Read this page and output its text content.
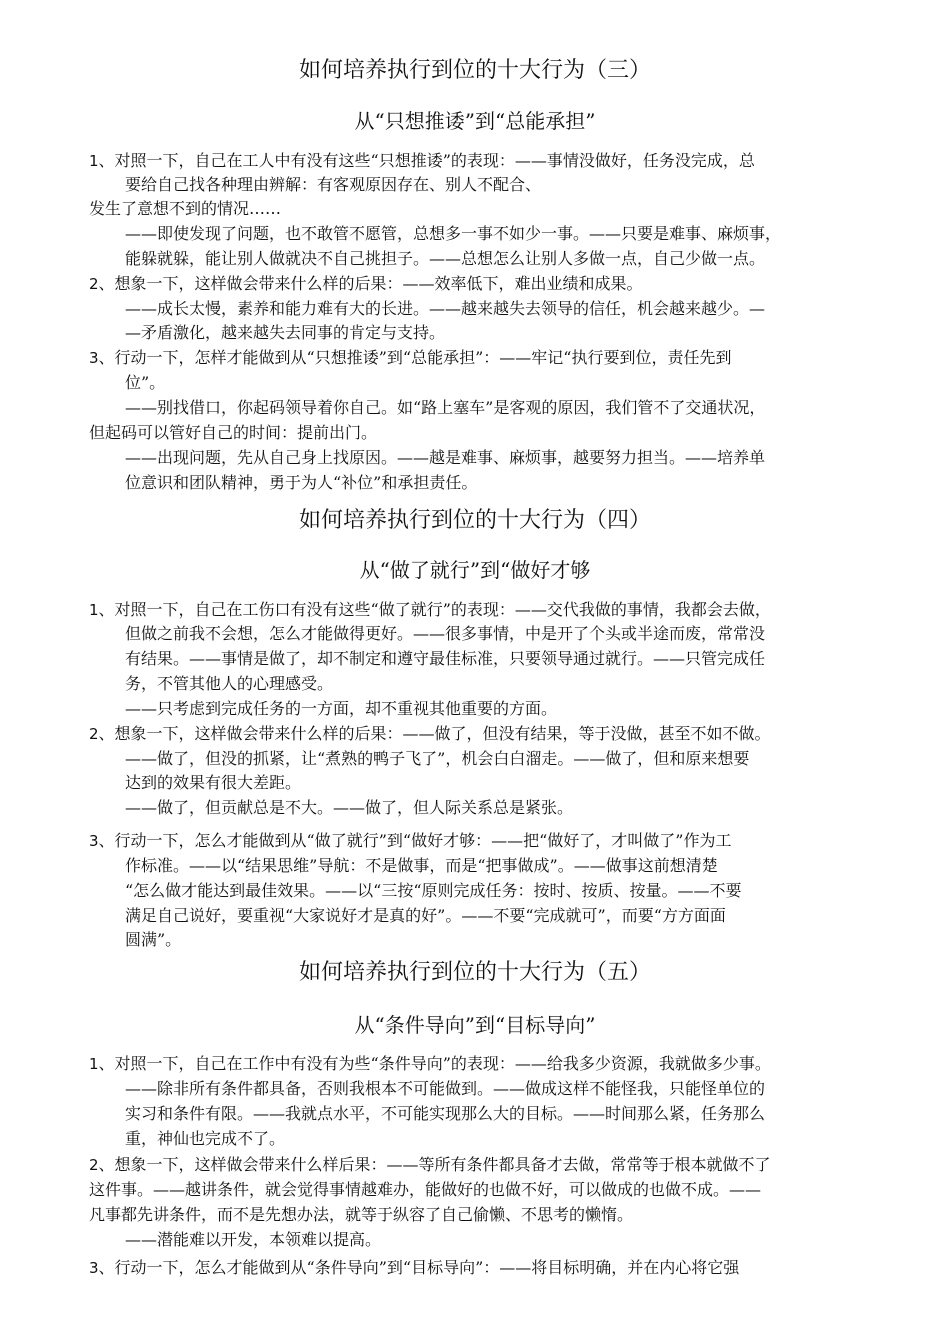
如何培养执行到位的十大行为（三）
从“只想推诿”到“总能承担”
1、对照一下，自己在工人中有没有这些“只想推诿”的表现：——事情没做好，任务没完成，总
要给自己找各种理由辨解：有客观原因存在、别人不配合、
发生了意想不到的情况……
——即使发现了问题，也不敢管不愿管，总想多一事不如少一事。——只要是难事、麻烦事，
能躲就躲，能让别人做就决不自己挑担子。——总想怎么让别人多做一点，自己少做一点。
2、想象一下，这样做会带来什么样的后果：——效率低下，难出业绩和成果。
——成长太慢，素养和能力难有大的长进。——越来越失去领导的信任，机会越来越少。—
—矛盾激化，越来越失去同事的肯定与支持。
3、行动一下，怎样才能做到从“只想推诿”到“总能承担”：——牢记“执行要到位，责任先到
位”。
——别找借口，你起码领导着你自己。如“路上塞车”是客观的原因，我们管不了交通状况，
但起码可以管好自己的时间：提前出门。
——出现问题，先从自己身上找原因。——越是难事、麻烦事，越要努力担当。——培养单
位意识和团队精神，勇于为人“补位”和承担责任。
如何培养执行到位的十大行为（四）
从“做了就行”到“做好才够
1、对照一下，自己在工伤口有没有这些“做了就行”的表现：——交代我做的事情，我都会去做，
但做之前我不会想，怎么才能做得更好。——很多事情，中是开了个头或半途而废，常常没
有结果。——事情是做了，却不制定和遵守最佳标准，只要领导通过就行。——只管完成任
务，不管其他人的心理感受。
——只考虑到完成任务的一方面，却不重视其他重要的方面。
2、想象一下，这样做会带来什么样的后果：——做了，但没有结果，等于没做，甚至不如不做。
——做了，但没的抓紧，让“煮熟的鸭子飞了”，机会白白溜走。——做了，但和原来想要
达到的效果有很大差距。
——做了，但贡献总是不大。——做了，但人际关系总是紧张。
3、行动一下，怎么才能做到从“做了就行”到“做好才够：——把“做好了，才叫做了”作为工
作标准。——以“结果思维”导航：不是做事，而是“把事做成”。——做事这前想清楚
“怎么做才能达到最佳效果。——以“三按“原则完成任务：按时、按质、按量。——不要
满足自己说好，要重视“大家说好才是真的好”。——不要“完成就可”，而要“方方面面
圆满”。
如何培养执行到位的十大行为（五）
从“条件导向”到“目标导向”
1、对照一下，自己在工作中有没有为些“条件导向”的表现：——给我多少资源，我就做多少事。
——除非所有条件都具备，否则我根本不可能做到。——做成这样不能怪我，只能怪单位的
实习和条件有限。——我就点水平，不可能实现那么大的目标。——时间那么紧，任务那么
重，神仙也完成不了。
2、想象一下，这样做会带来什么样后果：——等所有条件都具备才去做，常常等于根本就做不了
这件事。——越讲条件，就会觉得事情越难办，能做好的也做不好，可以做成的也做不成。——
凡事都先讲条件，而不是先想办法，就等于纵容了自己偷懒、不思考的懒惰。
——潜能难以开发，本领难以提高。
3、行动一下，怎么才能做到从“条件导向”到“目标导向”：——将目标明确，并在内心将它强
